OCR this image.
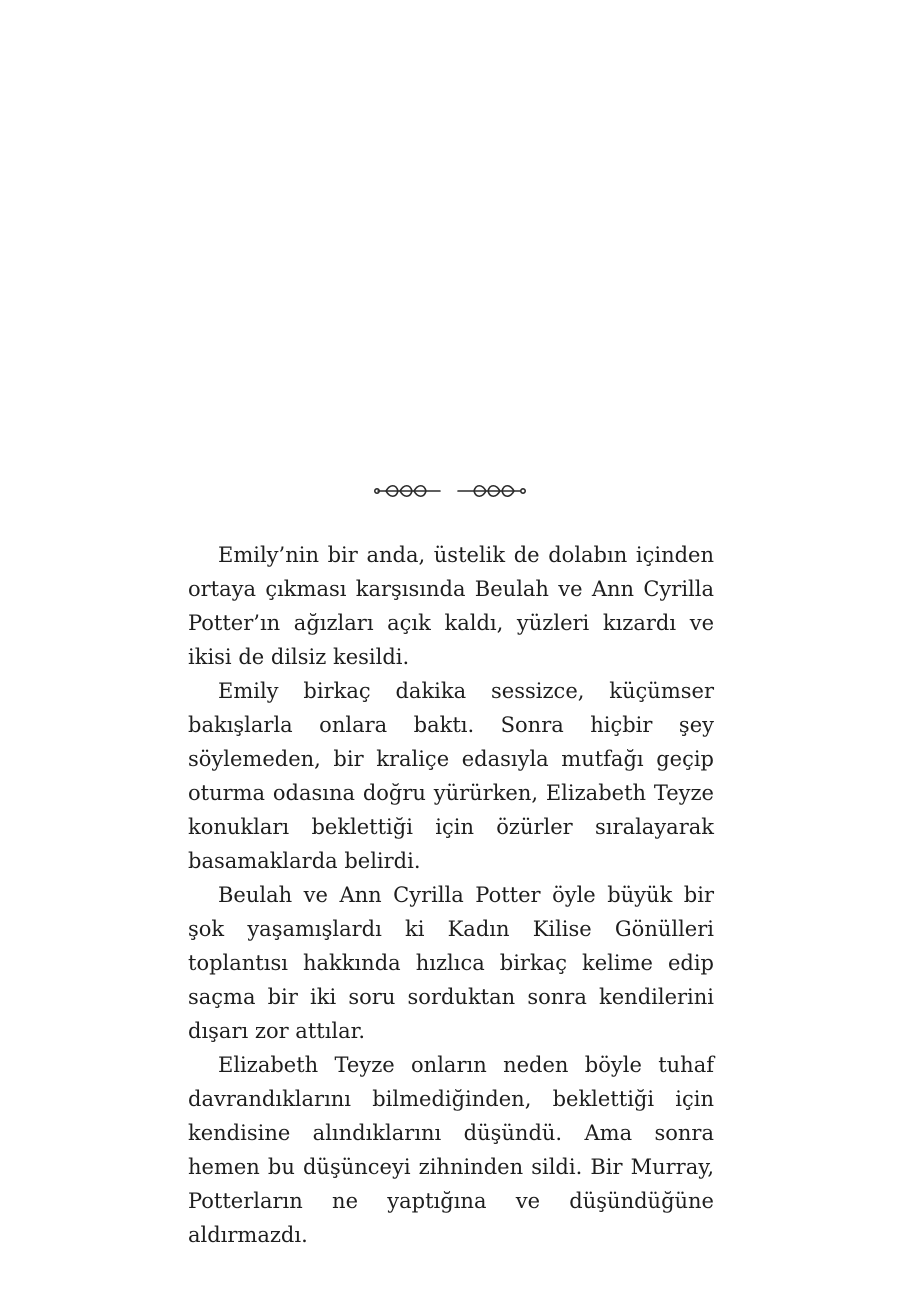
Emily’nin bir anda, üstelik de dolabın içinden ortaya çıkması karşısında Beulah ve Ann Cyrilla Potter’ın ağızları açık kaldı, yüzleri kızardı ve ikisi de dilsiz kesildi.

Emily birkaç dakika sessizce, küçümser bakışlarla onlara baktı. Sonra hiçbir şey söylemeden, bir kraliçe edasıyla mutfağı geçip oturma odasına doğru yürürken, Elizabeth Teyze konukları beklettiği için özürler sıralayarak basamaklarda belirdi.

Beulah ve Ann Cyrilla Potter öyle büyük bir şok yaşamışlardı ki Kadın Kilise Gönülleri toplantısı hakkında hızlıca birkaç kelime edip saçma bir iki soru sorduktan sonra kendilerini dışarı zor attılar.

Elizabeth Teyze onların neden böyle tuhaf davrandıklarını bilmediğinden, beklettiği için kendisine alındıklarını düşündü. Ama sonra hemen bu düşünceyi zihninden sildi. Bir Murray, Potterların ne yaptığına ve düşündüğüne aldırmazdı.
